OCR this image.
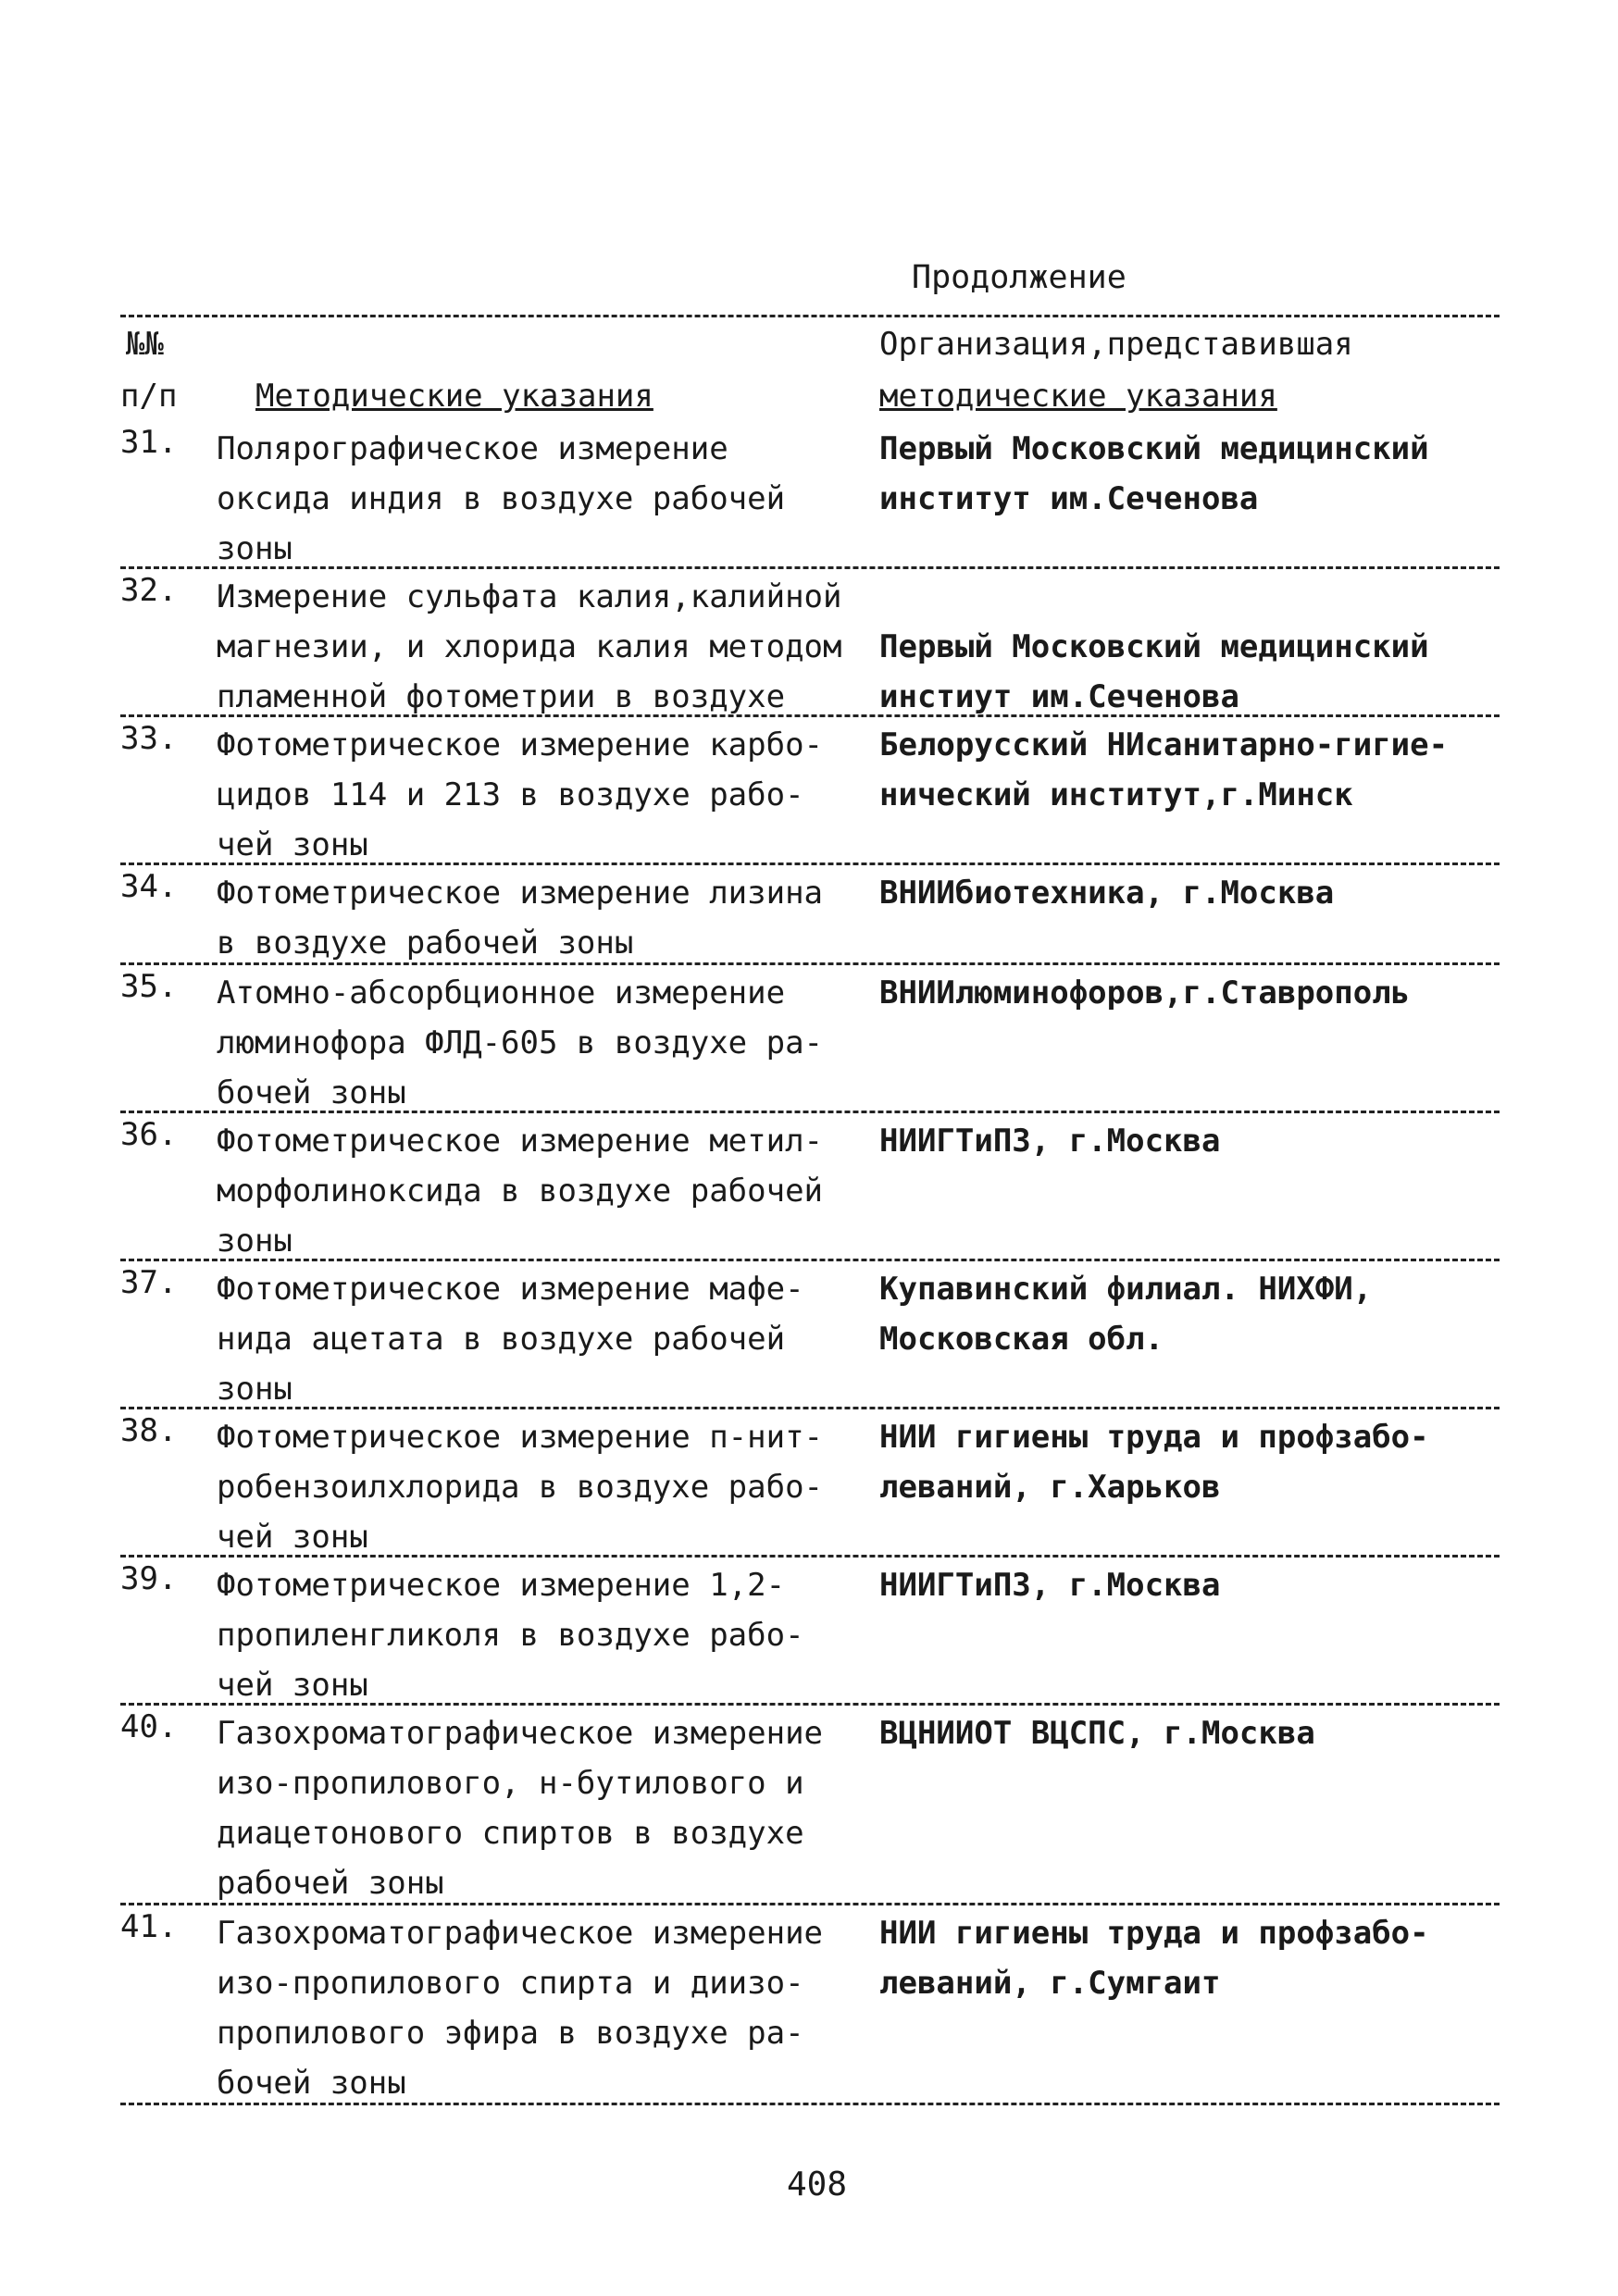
Продолжение
№№	Организация,представившая
п/п Методические указания	методические указания
31. Полярографическое измерение
оксида индия в воздухе рабочей
зоны
Первый Московский медицинский
институт им.Сеченова
32. Измерение сульфата калия,калийной
магнезии, и хлорида калия методом
пламенной фотометрии в воздухе
Первый Московский медицинский
инстиут им.Сеченова
33. Фотометрическое измерение карбо-
цидов 114 и 213 в воздухе рабо-
чей зоны
Белорусский НИсанитарно-гигие-
нический институт,г.Минск
34. Фотометрическое измерение лизина
в воздухе рабочей зоны
ВНИИбиотехника, г.Москва
35. Атомно-абсорбционное измерение
люминофора ФЛД-605 в воздухе ра-
бочей зоны
ВНИИлюминофоров,г.Ставрополь
36. Фотометрическое измерение метил-
морфолиноксида в воздухе рабочей
зоны
НИИГТиПЗ, г.Москва
37. Фотометрическое измерение мафе-
нида ацетата в воздухе рабочей
зоны
Купавинский филиал. НИХФИ,
Московская обл.
38. Фотометрическое измерение п-нит-
робензоилхлорида в воздухе рабо-
чей зоны
НИИ гигиены труда и профзабо-
леваний, г.Харьков
39. Фотометрическое измерение 1,2-
пропиленгликоля в воздухе рабо-
чей зоны
НИИГТиПЗ, г.Москва
40. Газохроматографическое измерение
изо-пропилового, н-бутилового и
диацетонового спиртов в воздухе
рабочей зоны
ВЦНИИОТ ВЦСПС, г.Москва
41. Газохроматографическое измерение
изо-пропилового спирта и диизо-
пропилового эфира в воздухе ра-
бочей зоны
НИИ гигиены труда и профзабо-
леваний, г.Сумгаит
408
